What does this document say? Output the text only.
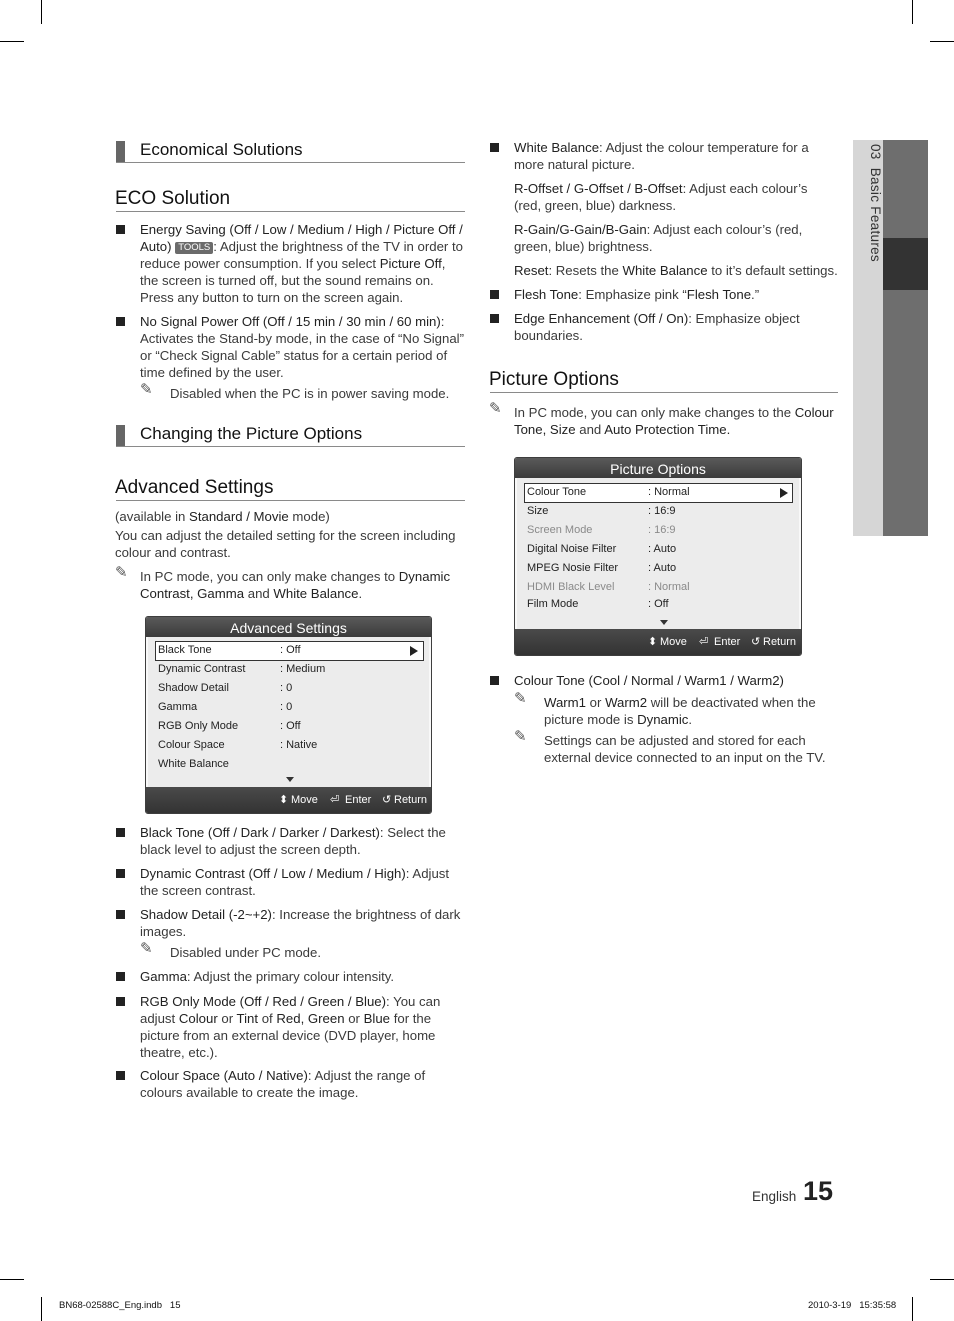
03  Basic Features
Economical Solutions
ECO Solution
Energy Saving (Off / Low / Medium / High / Picture Off / Auto) TOOLS : Adjust the brightness of the TV in order to reduce power consumption. If you select Picture Off, the screen is turned off, but the sound remains on. Press any button to turn on the screen again.
No Signal Power Off (Off / 15 min / 30 min / 60 min): Activates the Stand-by mode, in the case of “No Signal” or “Check Signal Cable” status for a certain period of time defined by the user.
✎ Disabled when the PC is in power saving mode.
Changing the Picture Options
Advanced Settings
(available in Standard / Movie mode)
You can adjust the detailed setting for the screen including colour and contrast.
✎ In PC mode, you can only make changes to Dynamic Contrast, Gamma and White Balance.
Advanced Settings
Black Tone	: Off
Dynamic Contrast	: Medium
Shadow Detail	: 0
Gamma	: 0
RGB Only Mode	: Off
Colour Space	: Native
White Balance
⬍ Move ⏎ Enter ↺ Return
Black Tone (Off / Dark / Darker / Darkest): Select the black level to adjust the screen depth.
Dynamic Contrast (Off / Low / Medium / High): Adjust the screen contrast.
Shadow Detail (-2~+2): Increase the brightness of dark images.
✎ Disabled under PC mode.
Gamma: Adjust the primary colour intensity.
RGB Only Mode (Off / Red / Green / Blue): You can adjust Colour or Tint of Red, Green or Blue for the picture from an external device (DVD player, home theatre, etc.).
Colour Space (Auto / Native): Adjust the range of colours available to create the image.
White Balance: Adjust the colour temperature for a more natural picture.
R-Offset / G-Offset / B-Offset: Adjust each colour’s (red, green, blue) darkness.
R-Gain/G-Gain/B-Gain: Adjust each colour’s (red, green, blue) brightness.
Reset: Resets the White Balance to it’s default settings.
Flesh Tone: Emphasize pink “Flesh Tone.”
Edge Enhancement (Off / On): Emphasize object boundaries.
Picture Options
✎ In PC mode, you can only make changes to the Colour Tone, Size and Auto Protection Time.
Picture Options
Colour Tone	: Normal
Size	: 16:9
Screen Mode	: 16:9
Digital Noise Filter	: Auto
MPEG Nosie Filter	: Auto
HDMI Black Level	: Normal
Film Mode	: Off
⬍ Move ⏎ Enter ↺ Return
Colour Tone (Cool / Normal / Warm1 / Warm2)
✎ Warm1 or Warm2 will be deactivated when the picture mode is Dynamic.
✎ Settings can be adjusted and stored for each external device connected to an input on the TV.
English 15
BN68-02588C_Eng.indb   15	2010-3-19   15:35:58
